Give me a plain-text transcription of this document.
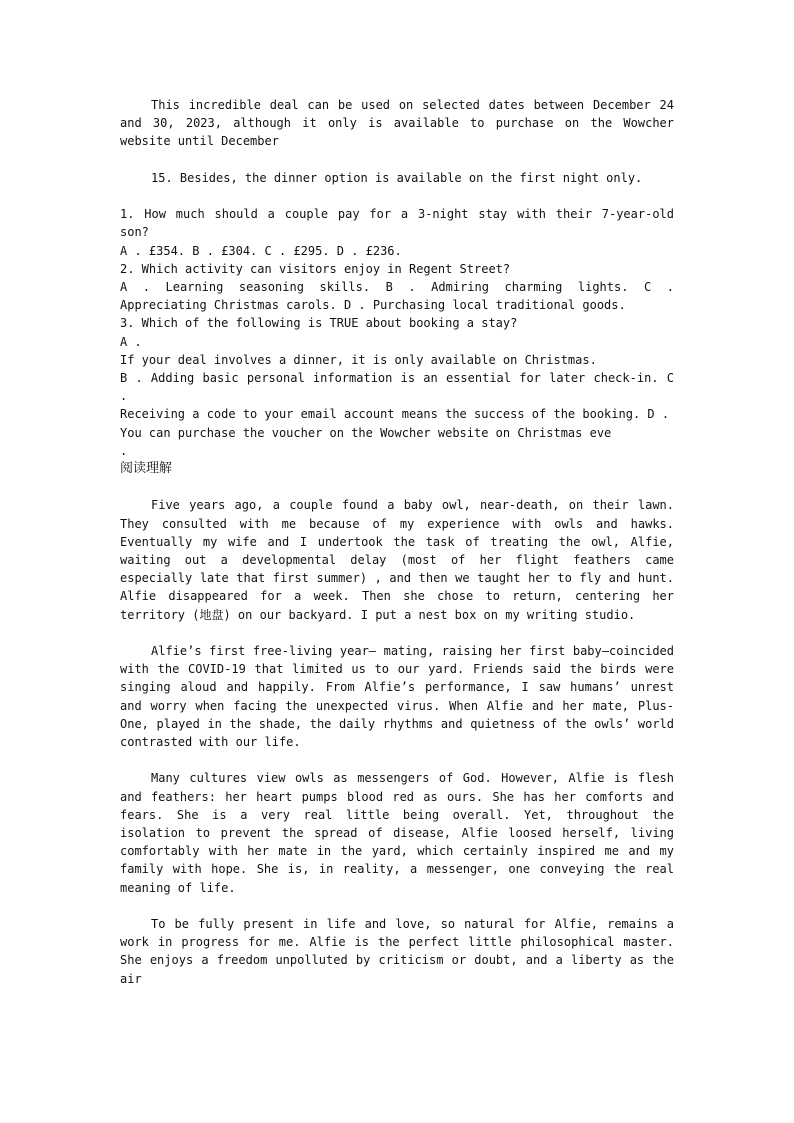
This incredible deal can be used on selected dates between December 24 and 30, 2023, although it only is available to purchase on the Wowcher website until December

15. Besides, the dinner option is available on the first night only.

1. How much should a couple pay for a 3-night stay with their 7-year-old son?
A . £354. B . £304. C . £295. D . £236.
2. Which activity can visitors enjoy in Regent Street?
A . Learning seasoning skills. B . Admiring charming lights. C . Appreciating Christmas carols. D . Purchasing local traditional goods.
3. Which of the following is TRUE about booking a stay?
A .
If your deal involves a dinner, it is only available on Christmas.
B . Adding basic personal information is an essential for later check-in. C .
Receiving a code to your email account means the success of the booking. D .
You can purchase the voucher on the Wowcher website on Christmas eve
.
阅读理解

Five years ago, a couple found a baby owl, near-death, on their lawn. They consulted with me because of my experience with owls and hawks. Eventually my wife and I undertook the task of treating the owl, Alfie, waiting out a developmental delay (most of her flight feathers came especially late that first summer) , and then we taught her to fly and hunt. Alfie disappeared for a week. Then she chose to return, centering her territory (地盘) on our backyard. I put a nest box on my writing studio.

Alfie’s first free-living year— mating, raising her first baby—coincided with the COVID-19 that limited us to our yard. Friends said the birds were singing aloud and happily. From Alfie’s performance, I saw humans’ unrest and worry when facing the unexpected virus. When Alfie and her mate, Plus-One, played in the shade, the daily rhythms and quietness of the owls’ world contrasted with our life.

Many cultures view owls as messengers of God. However, Alfie is flesh and feathers: her heart pumps blood red as ours. She has her comforts and fears. She is a very real little being overall. Yet, throughout the isolation to prevent the spread of disease, Alfie loosed herself, living comfortably with her mate in the yard, which certainly inspired me and my family with hope. She is, in reality, a messenger, one conveying the real meaning of life.

To be fully present in life and love, so natural for Alfie, remains a work in progress for me. Alfie is the perfect little philosophical master. She enjoys a freedom unpolluted by criticism or doubt, and a liberty as the air
